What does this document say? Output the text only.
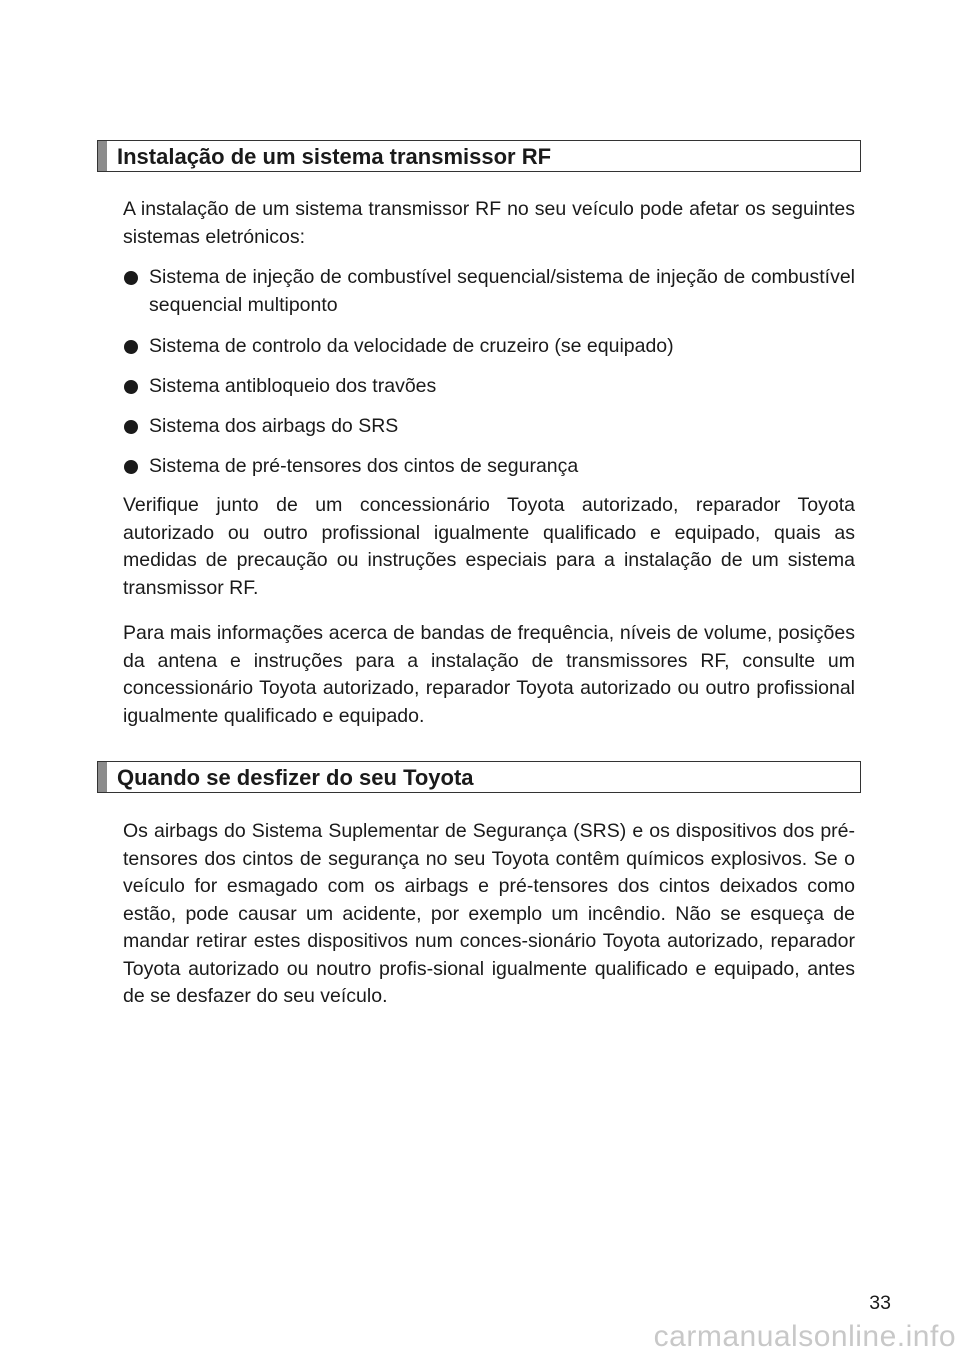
Instalação de um sistema transmissor RF

A instalação de um sistema transmissor RF no seu veículo pode afetar os seguintes sistemas eletrónicos:

Sistema de injeção de combustível sequencial/sistema de injeção de combustível sequencial multiponto

Sistema de controlo da velocidade de cruzeiro (se equipado)

Sistema antibloqueio dos travões

Sistema dos airbags do SRS

Sistema de pré-tensores dos cintos de segurança

Verifique junto de um concessionário Toyota autorizado, reparador Toyota autorizado ou outro profissional igualmente qualificado e equipado, quais as medidas de precaução ou instruções especiais para a instalação de um sistema transmissor RF.

Para mais informações acerca de bandas de frequência, níveis de volume, posições da antena e instruções para a instalação de transmissores RF, consulte um concessionário Toyota autorizado, reparador Toyota autorizado ou outro profissional igualmente qualificado e equipado.

Quando se desfizer do seu Toyota

Os airbags do Sistema Suplementar de Segurança (SRS) e os dispositivos dos pré-tensores dos cintos de segurança no seu Toyota contêm químicos explosivos. Se o veículo for esmagado com os airbags e pré-tensores dos cintos deixados como estão, pode causar um acidente, por exemplo um incêndio. Não se esqueça de mandar retirar estes dispositivos num conces-sionário Toyota autorizado, reparador Toyota autorizado ou noutro profis-sional igualmente qualificado e equipado, antes de se desfazer do seu veículo.

33
carmanualsonline.info
